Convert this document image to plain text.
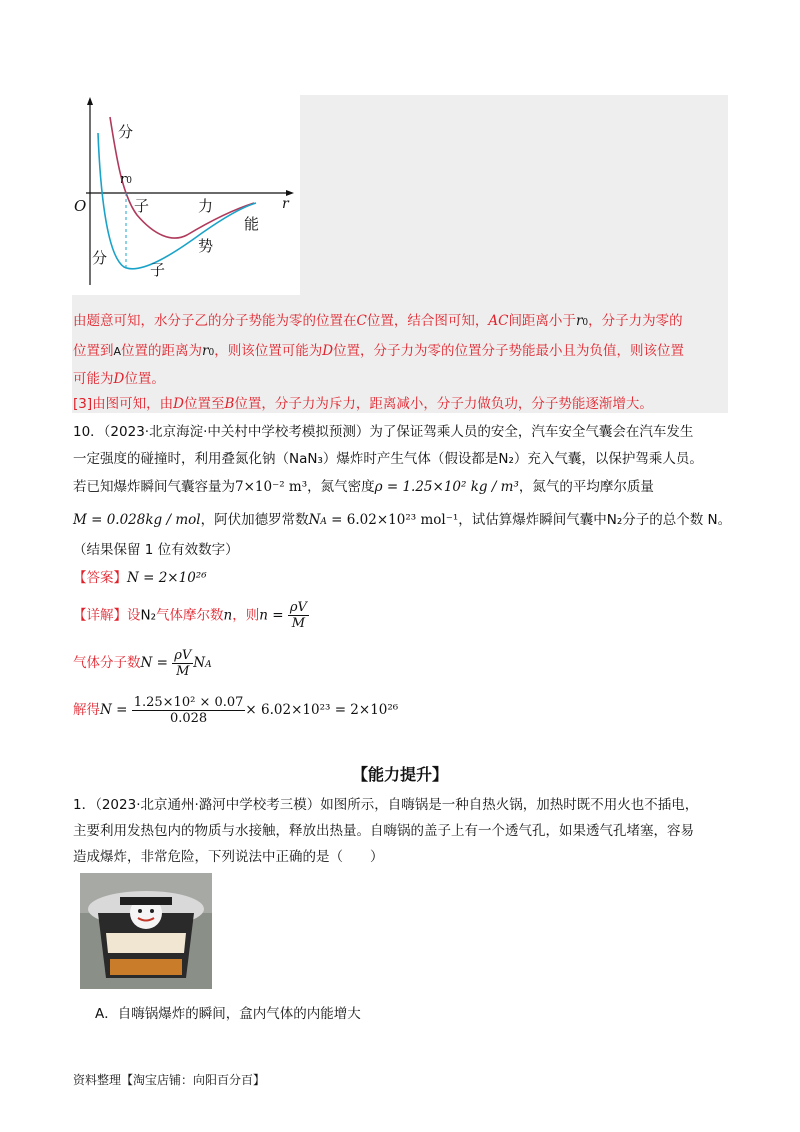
分
r0
子	力	r
O
能
势
分
子
由题意可知，水分子乙的分子势能为零的位置在C位置，结合图可知，AC间距离小于r0，分子力为零的
位置到A位置的距离为r0，则该位置可能为D位置，分子力为零的位置分子势能最小且为负值，则该位置
可能为D位置。
[3]由图可知，由D位置至B位置，分子力为斥力，距离减小，分子力做负功，分子势能逐渐增大。
10．（2023·北京海淀·中关村中学校考模拟预测）为了保证驾乘人员的安全，汽车安全气囊会在汽车发生
一定强度的碰撞时，利用叠氮化钠（NaN₃）爆炸时产生气体（假设都是N₂）充入气囊，以保护驾乘人员。
若已知爆炸瞬间气囊容量为7×10⁻² m³，氮气密度ρ = 1.25×10² kg / m³，氮气的平均摩尔质量
M = 0.028kg / mol，阿伏加德罗常数NA = 6.02×10²³ mol⁻¹，试估算爆炸瞬间气囊中N₂分子的总个数 N。
（结果保留 1 位有效数字）
【答案】N = 2×10²⁶
【详解】设N₂气体摩尔数n，则$n = \frac{\rho V}{M}$
气体分子数$N = \frac{\rho V}{M}$ NA
解得$N = \frac{\text{1.25×10² × 0.07}}{0.028} \times 6.02\times 10^{23} = 2\times 10^{26}$
【能力提升】
1．（2023·北京通州·潞河中学校考三模）如图所示，自嗨锅是一种自热火锅，加热时既不用火也不插电，
主要利用发热包内的物质与水接触，释放出热量。自嗨锅的盖子上有一个透气孔，如果透气孔堵塞，容易
造成爆炸，非常危险，下列说法中正确的是（　　）
A．自嗨锅爆炸的瞬间，盒内气体的内能增大
资料整理【淘宝店铺：向阳百分百】
